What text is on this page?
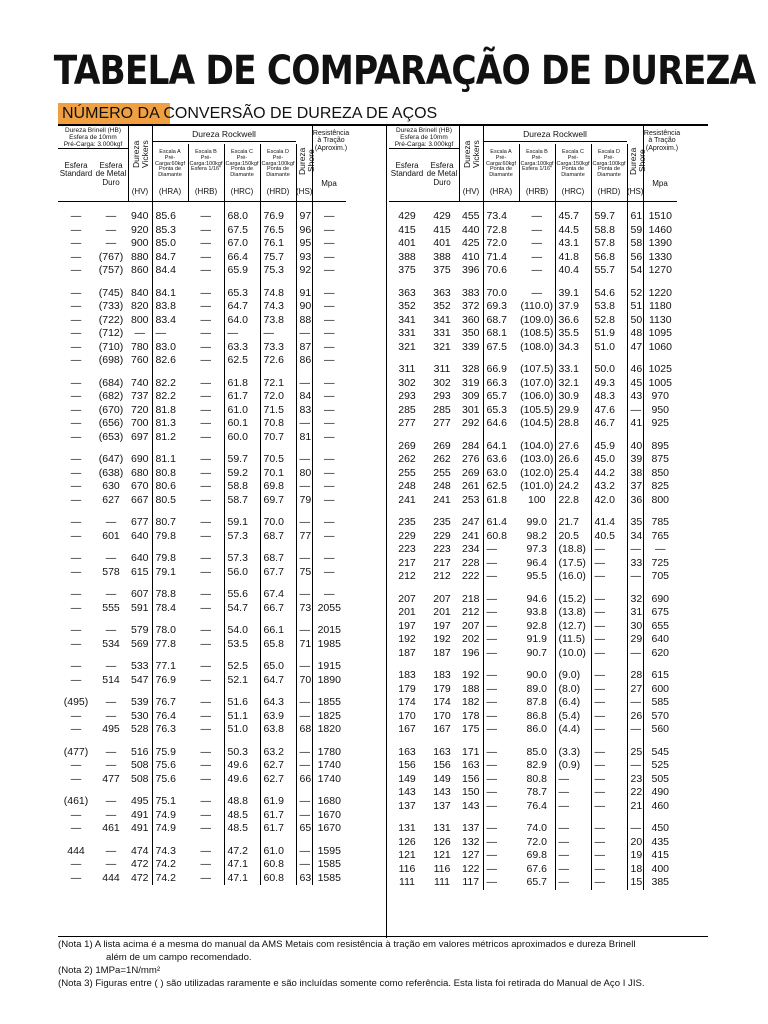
TABELA DE COMPARAÇÃO DE DUREZA
NÚMERO DA CONVERSÃO DE DUREZA DE AÇOS
Dureza Brinell (HB)
Esfera de 10mm
Pré-Carga: 3.000kgf
Esfera Standard
Esfera de Metal Duro
Dureza Vickers
Dureza Rockwell
Escala A
Pré-Carga:60kgf
Ponta de
Diamante
Escala B
Pré-Carga:100kgf
Esfera 1/16"
Escala C
Pré-Carga:150kgf
Ponta de
Diamante
Escala D
Pré-Carga:100kgf
Ponta de
Diamante
Dureza Shore
Resistência
à Tração
(Aproxim.)
(HV)	(HRA)	(HRB)	(HRC)	(HRD) (HS)
Mpa
Dureza Brinell (HB)
Esfera de 10mm
Pré-Carga: 3.000kgf
Esfera Standard
Esfera de Metal Duro
Dureza Vickers
Dureza Rockwell
Escala A
Pré-Carga:60kgf
Ponta de
Diamante
Escala B
Pré-Carga:100kgf
Esfera 1/16"
Escala C
Pré-Carga:150kgf
Ponta de
Diamante
Escala D
Pré-Carga:100kgf
Ponta de
Diamante
Dureza Shore
Resistência
à Tração
(Aproxim.)
(HV)	(HRA)	(HRB)	(HRC)	(HRD) (HS)
Mpa

—	—	940	85.6	—	68.0	76.9	97	—
—	—	920	85.3	—	67.5	76.5	96	—
—	—	900	85.0	—	67.0	76.1	95	—
—	(767)	880	84.7	—	66.4	75.7	93	—
—	(757)	860	84.4	—	65.9	75.3	92	—

—	(745)	840	84.1	—	65.3	74.8	91	—
—	(733)	820	83.8	—	64.7	74.3	90	—
—	(722)	800	83.4	—	64.0	73.8	88	—
—	(712)	—	—	—	—	—	—	—
—	(710)	780	83.0	—	63.3	73.3	87	—
—	(698)	760	82.6	—	62.5	72.6	86	—

—	(684)	740	82.2	—	61.8	72.1	—	—
—	(682)	737	82.2	—	61.7	72.0	84	—
—	(670)	720	81.8	—	61.0	71.5	83	—
—	(656)	700	81.3	—	60.1	70.8	—	—
—	(653)	697	81.2	—	60.0	70.7	81	—

—	(647)	690	81.1	—	59.7	70.5	—	—
—	(638)	680	80.8	—	59.2	70.1	80	—
—	630	670	80.6	—	58.8	69.8	—	—
—	627	667	80.5	—	58.7	69.7	79	—

—	—	677	80.7	—	59.1	70.0	—	—
—	601	640	79.8	—	57.3	68.7	77	—

—	—	640	79.8	—	57.3	68.7	—	—
—	578	615	79.1	—	56.0	67.7	75	—

—	—	607	78.8	—	55.6	67.4	—	—
—	555	591	78.4	—	54.7	66.7	73	2055

—	—	579	78.0	—	54.0	66.1	—	2015
—	534	569	77.8	—	53.5	65.8	71	1985

—	—	533	77.1	—	52.5	65.0	—	1915
—	514	547	76.9	—	52.1	64.7	70	1890

(495)	—	539	76.7	—	51.6	64.3	—	1855
—	—	530	76.4	—	51.1	63.9	—	1825
—	495	528	76.3	—	51.0	63.8	68	1820

(477)	—	516	75.9	—	50.3	63.2	—	1780
—	—	508	75.6	—	49.6	62.7	—	1740
—	477	508	75.6	—	49.6	62.7	66	1740

(461)	—	495	75.1	—	48.8	61.9	—	1680
—	—	491	74.9	—	48.5	61.7	—	1670
—	461	491	74.9	—	48.5	61.7	65	1670

444	—	474	74.3	—	47.2	61.0	—	1595
—	—	472	74.2	—	47.1	60.8	—	1585
—	444	472	74.2	—	47.1	60.8	63	1585

429	429	455	73.4	—	45.7	59.7	61	1510
415	415	440	72.8	—	44.5	58.8	59	1460
401	401	425	72.0	—	43.1	57.8	58	1390
388	388	410	71.4	—	41.8	56.8	56	1330
375	375	396	70.6	—	40.4	55.7	54	1270

363	363	383	70.0	—	39.1	54.6	52	1220
352	352	372	69.3	(110.0)	37.9	53.8	51	1180
341	341	360	68.7	(109.0)	36.6	52.8	50	1130
331	331	350	68.1	(108.5)	35.5	51.9	48	1095
321	321	339	67.5	(108.0)	34.3	51.0	47	1060

311	311	328	66.9	(107.5)	33.1	50.0	46	1025
302	302	319	66.3	(107.0)	32.1	49.3	45	1005
293	293	309	65.7	(106.0)	30.9	48.3	43	970
285	285	301	65.3	(105.5)	29.9	47.6	—	950
277	277	292	64.6	(104.5)	28.8	46.7	41	925

269	269	284	64.1	(104.0)	27.6	45.9	40	895
262	262	276	63.6	(103.0)	26.6	45.0	39	875
255	255	269	63.0	(102.0)	25.4	44.2	38	850
248	248	261	62.5	(101.0)	24.2	43.2	37	825
241	241	253	61.8	100	22.8	42.0	36	800

235	235	247	61.4	99.0	21.7	41.4	35	785
229	229	241	60.8	98.2	20.5	40.5	34	765
223	223	234	—	97.3	(18.8)	—	—	—
217	217	228	—	96.4	(17.5)	—	33	725
212	212	222	—	95.5	(16.0)	—	—	705

207	207	218	—	94.6	(15.2)	—	32	690
201	201	212	—	93.8	(13.8)	—	31	675
197	197	207	—	92.8	(12.7)	—	30	655
192	192	202	—	91.9	(11.5)	—	29	640
187	187	196	—	90.7	(10.0)	—	—	620

183	183	192	—	90.0	(9.0)	—	28	615
179	179	188	—	89.0	(8.0)	—	27	600
174	174	182	—	87.8	(6.4)	—	—	585
170	170	178	—	86.8	(5.4)	—	26	570
167	167	175	—	86.0	(4.4)	—	—	560

163	163	171	—	85.0	(3.3)	—	25	545
156	156	163	—	82.9	(0.9)	—	—	525
149	149	156	—	80.8	—	—	23	505
143	143	150	—	78.7	—	—	22	490
137	137	143	—	76.4	—	—	21	460

131	131	137	—	74.0	—	—	—	450
126	126	132	—	72.0	—	—	20	435
121	121	127	—	69.8	—	—	19	415
116	116	122	—	67.6	—	—	18	400
111	111	117	—	65.7	—	—	15	385
(Nota 1) A lista acima é a mesma do manual da AMS Metais com resistência à tração em valores métricos aproximados e dureza Brinell
além de um campo recomendado.
(Nota 2) 1MPa=1N/mm²
(Nota 3) Figuras entre ( ) são utilizadas raramente e são incluídas somente como referência. Esta lista foi retirada do Manual de Aço I JIS.
